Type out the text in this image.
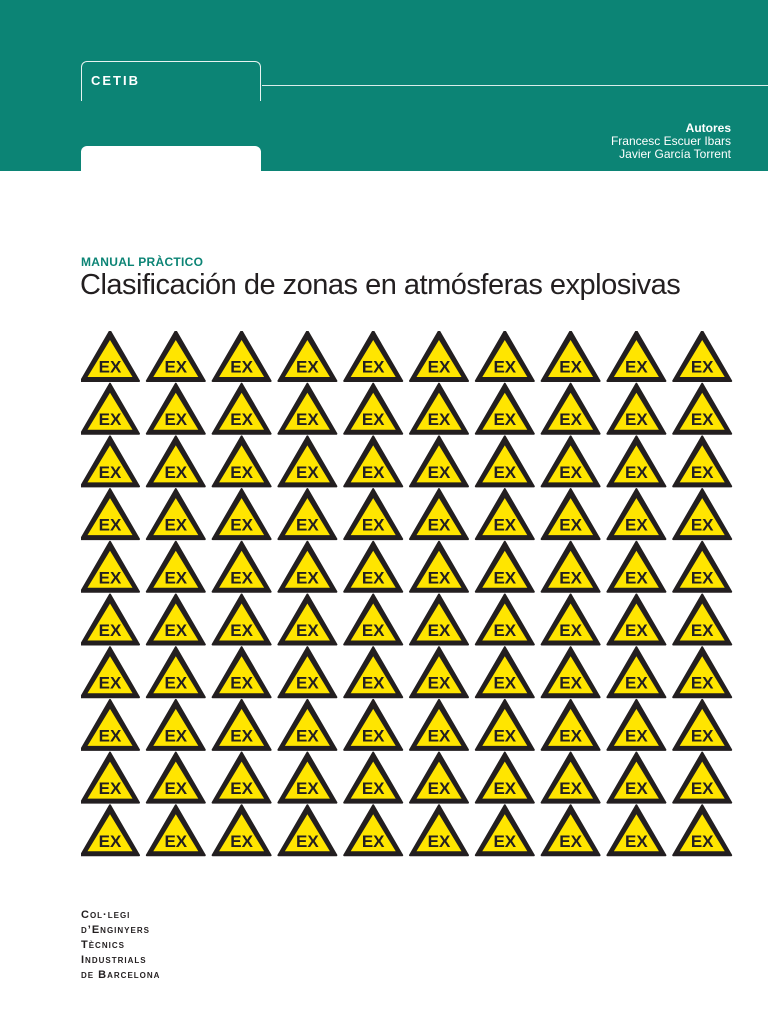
CETIB
Autores
Francesc Escuer Ibars
Javier García Torrent
MANUAL PRÀCTICO
Clasificación de zonas en atmósferas explosivas
EX	EX	EX	EX	EX	EX	EX	EX	EX	EX
EX	EX	EX	EX	EX	EX	EX	EX	EX	EX
EX	EX	EX	EX	EX	EX	EX	EX	EX	EX
EX	EX	EX	EX	EX	EX	EX	EX	EX	EX
EX	EX	EX	EX	EX	EX	EX	EX	EX	EX
EX	EX	EX	EX	EX	EX	EX	EX	EX	EX
EX	EX	EX	EX	EX	EX	EX	EX	EX	EX
EX	EX	EX	EX	EX	EX	EX	EX	EX	EX
EX	EX	EX	EX	EX	EX	EX	EX	EX	EX
EX	EX	EX	EX	EX	EX	EX	EX	EX	EX
Col·legi
d’Enginyers
Tècnics
Industrials
de Barcelona
